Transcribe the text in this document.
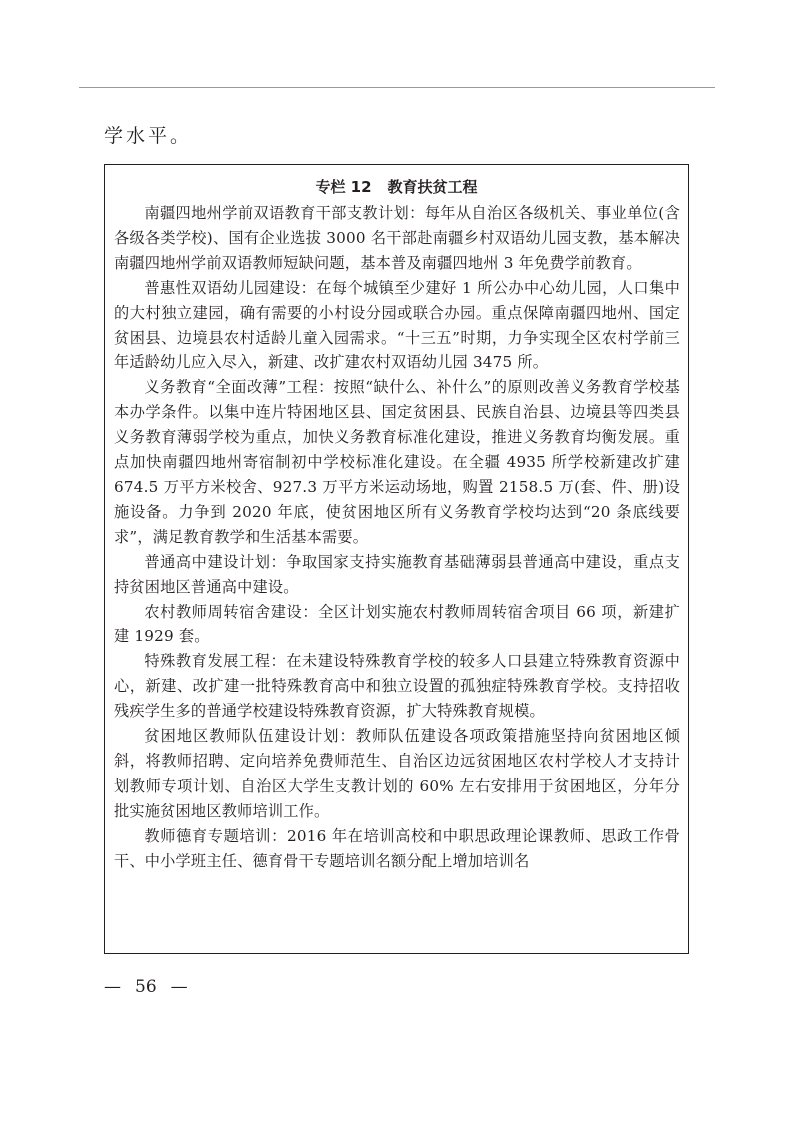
学水平。
专栏 12 教育扶贫工程

南疆四地州学前双语教育干部支教计划：每年从自治区各级机关、事业单位(含各级各类学校)、国有企业选拔 3000 名干部赴南疆乡村双语幼儿园支教，基本解决南疆四地州学前双语教师短缺问题，基本普及南疆四地州 3 年免费学前教育。

普惠性双语幼儿园建设：在每个城镇至少建好 1 所公办中心幼儿园，人口集中的大村独立建园，确有需要的小村设分园或联合办园。重点保障南疆四地州、国定贫困县、边境县农村适龄儿童入园需求。“十三五”时期，力争实现全区农村学前三年适龄幼儿应入尽入，新建、改扩建农村双语幼儿园 3475 所。

义务教育“全面改薄”工程：按照“缺什么、补什么”的原则改善义务教育学校基本办学条件。以集中连片特困地区县、国定贫困县、民族自治县、边境县等四类县义务教育薄弱学校为重点，加快义务教育标准化建设，推进义务教育均衡发展。重点加快南疆四地州寄宿制初中学校标准化建设。在全疆 4935 所学校新建改扩建 674.5 万平方米校舍、927.3 万平方米运动场地，购置 2158.5 万(套、件、册)设施设备。力争到 2020 年底，使贫困地区所有义务教育学校均达到“20 条底线要求”，满足教育教学和生活基本需要。

普通高中建设计划：争取国家支持实施教育基础薄弱县普通高中建设，重点支持贫困地区普通高中建设。

农村教师周转宿舍建设：全区计划实施农村教师周转宿舍项目 66 项，新建扩建 1929 套。

特殊教育发展工程：在未建设特殊教育学校的较多人口县建立特殊教育资源中心，新建、改扩建一批特殊教育高中和独立设置的孤独症特殊教育学校。支持招收残疾学生多的普通学校建设特殊教育资源，扩大特殊教育规模。

贫困地区教师队伍建设计划：教师队伍建设各项政策措施坚持向贫困地区倾斜，将教师招聘、定向培养免费师范生、自治区边远贫困地区农村学校人才支持计划教师专项计划、自治区大学生支教计划的 60% 左右安排用于贫困地区，分年分批实施贫困地区教师培训工作。

教师德育专题培训：2016 年在培训高校和中职思政理论课教师、思政工作骨干、中小学班主任、德育骨干专题培训名额分配上增加培训名

— 56 —
